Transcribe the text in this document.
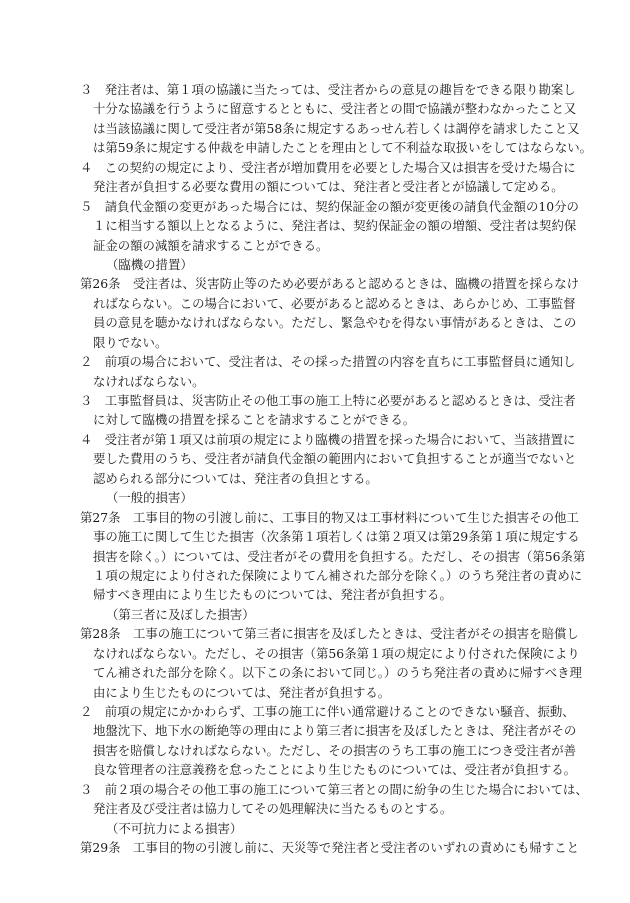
３　発注者は、第１項の協議に当たっては、受注者からの意見の趣旨をできる限り勘案し
十分な協議を行うように留意するとともに、受注者との間で協議が整わなかったこと又
は当該協議に関して受注者が第58条に規定するあっせん若しくは調停を請求したこと又
は第59条に規定する仲裁を申請したことを理由として不利益な取扱いをしてはならない。
４　この契約の規定により、受注者が増加費用を必要とした場合又は損害を受けた場合に
発注者が負担する必要な費用の額については、発注者と受注者とが協議して定める。
５　請負代金額の変更があった場合には、契約保証金の額が変更後の請負代金額の10分の
１に相当する額以上となるように、発注者は、契約保証金の額の増額、受注者は契約保
証金の額の減額を請求することができる。
（臨機の措置）
第26条　受注者は、災害防止等のため必要があると認めるときは、臨機の措置を採らなけ
ればならない。この場合において、必要があると認めるときは、あらかじめ、工事監督
員の意見を聴かなければならない。ただし、緊急やむを得ない事情があるときは、この
限りでない。
２　前項の場合において、受注者は、その採った措置の内容を直ちに工事監督員に通知し
なければならない。
３　工事監督員は、災害防止その他工事の施工上特に必要があると認めるときは、受注者
に対して臨機の措置を採ることを請求することができる。
４　受注者が第１項又は前項の規定により臨機の措置を採った場合において、当該措置に
要した費用のうち、受注者が請負代金額の範囲内において負担することが適当でないと
認められる部分については、発注者の負担とする。
（一般的損害）
第27条　工事目的物の引渡し前に、工事目的物又は工事材料について生じた損害その他工
事の施工に関して生じた損害（次条第１項若しくは第２項又は第29条第１項に規定する
損害を除く。）については、受注者がその費用を負担する。ただし、その損害（第56条第
１項の規定により付された保険によりてん補された部分を除く。）のうち発注者の責めに
帰すべき理由により生じたものについては、発注者が負担する。
（第三者に及ぼした損害）
第28条　工事の施工について第三者に損害を及ぼしたときは、受注者がその損害を賠償し
なければならない。ただし、その損害（第56条第１項の規定により付された保険により
てん補された部分を除く。以下この条において同じ。）のうち発注者の責めに帰すべき理
由により生じたものについては、発注者が負担する。
２　前項の規定にかかわらず、工事の施工に伴い通常避けることのできない騒音、振動、
地盤沈下、地下水の断絶等の理由により第三者に損害を及ぼしたときは、発注者がその
損害を賠償しなければならない。ただし、その損害のうち工事の施工につき受注者が善
良な管理者の注意義務を怠ったことにより生じたものについては、受注者が負担する。
３　前２項の場合その他工事の施工について第三者との間に紛争の生じた場合においては、
発注者及び受注者は協力してその処理解決に当たるものとする。
（不可抗力による損害）
第29条　工事目的物の引渡し前に、天災等で発注者と受注者のいずれの責めにも帰すこと
